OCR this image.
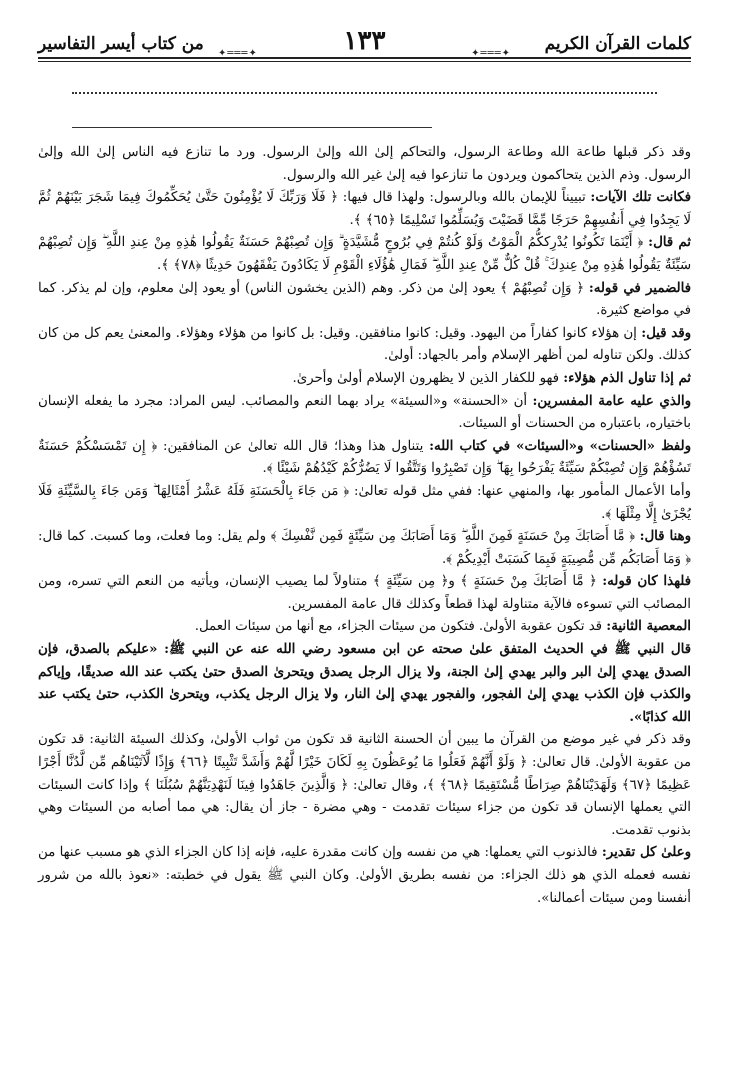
كلمات القرآن الكريم
✦═══✦
١٣٣
✦═══✦
من كتاب أيسر التفاسير

وقد ذكر قبلها طاعة الله وطاعة الرسول، والتحاكم إلىٰ الله وإلىٰ الرسول. ورد ما تنازع فيه الناس إلىٰ الله وإلىٰ الرسول. وذم الذين يتحاكمون ويردون ما تنازعوا فيه إلىٰ غير الله والرسول.

فكانت تلك الآيات: تبييناً للإيمان بالله وبالرسول: ولهذا قال فيها: ﴿ فَلَا وَرَبِّكَ لَا يُؤْمِنُونَ حَتَّىٰ يُحَكِّمُوكَ فِيمَا شَجَرَ بَيْنَهُمْ ثُمَّ لَا يَجِدُوا فِي أَنفُسِهِمْ حَرَجًا مِّمَّا قَضَيْتَ وَيُسَلِّمُوا تَسْلِيمًا ﴿٦٥﴾ ﴾.

ثم قال: ﴿ أَيْنَمَا تَكُونُوا يُدْرِككُّمُ الْمَوْتُ وَلَوْ كُنتُمْ فِي بُرُوجٍ مُّشَيَّدَةٍ ۗ وَإِن تُصِبْهُمْ حَسَنَةٌ يَقُولُوا هَٰذِهِ مِنْ عِندِ اللَّهِ ۖ وَإِن تُصِبْهُمْ سَيِّئَةٌ يَقُولُوا هَٰذِهِ مِنْ عِندِكَ ۚ قُلْ كُلٌّ مِّنْ عِندِ اللَّهِ ۖ فَمَالِ هَٰؤُلَاءِ الْقَوْمِ لَا يَكَادُونَ يَفْقَهُونَ حَدِيثًا ﴿٧٨﴾ ﴾.

فالضمير في قوله: ﴿ وَإِن تُصِبْهُمْ ﴾ يعود إلىٰ من ذكر. وهم (الذين يخشون الناس) أو يعود إلىٰ معلوم، وإن لم يذكر. كما في مواضع كثيرة.

وقد قيل: إن هؤلاء كانوا كفاراً من اليهود. وقيل: كانوا منافقين. وقيل: بل كانوا من هؤلاء وهؤلاء. والمعنىٰ يعم كل من كان كذلك. ولكن تناوله لمن أظهر الإسلام وأمر بالجهاد: أولىٰ.

ثم إذا تناول الذم هؤلاء: فهو للكفار الذين لا يظهرون الإسلام أولىٰ وأحرىٰ.

والذي عليه عامة المفسرين: أن «الحسنة» و«السيئة» يراد بهما النعم والمصائب. ليس المراد: مجرد ما يفعله الإنسان باختياره، باعتباره من الحسنات أو السيئات.

ولفظ «الحسنات» و«السيئات» في كتاب الله: يتناول هذا وهذا؛ قال الله تعالىٰ عن المنافقين: ﴿ إِن تَمْسَسْكُمْ حَسَنَةٌ تَسُؤْهُمْ وَإِن تُصِبْكُمْ سَيِّئَةٌ يَفْرَحُوا بِهَا ۖ وَإِن تَصْبِرُوا وَتَتَّقُوا لَا يَضُرُّكُمْ كَيْدُهُمْ شَيْئًا ﴾.

وأما الأعمال المأمور بها، والمنهي عنها: ففي مثل قوله تعالىٰ: ﴿ مَن جَاءَ بِالْحَسَنَةِ فَلَهُ عَشْرُ أَمْثَالِهَا ۖ وَمَن جَاءَ بِالسَّيِّئَةِ فَلَا يُجْزَىٰ إِلَّا مِثْلَهَا ﴾.

وهنا قال: ﴿ مَّا أَصَابَكَ مِنْ حَسَنَةٍ فَمِنَ اللَّهِ ۖ وَمَا أَصَابَكَ مِن سَيِّئَةٍ فَمِن نَّفْسِكَ ﴾ ولم يقل: وما فعلت، وما كسبت. كما قال: ﴿ وَمَا أَصَابَكُم مِّن مُّصِيبَةٍ فَبِمَا كَسَبَتْ أَيْدِيكُمْ ﴾.

فلهذا كان قوله: ﴿ مَّا أَصَابَكَ مِنْ حَسَنَةٍ ﴾ و﴿ مِن سَيِّئَةٍ ﴾ متناولاً لما يصيب الإنسان، ويأتيه من النعم التي تسره، ومن المصائب التي تسوءه فالآية متناولة لهذا قطعاً وكذلك قال عامة المفسرين.

المعصية الثانية: قد تكون عقوبة الأولىٰ. فتكون من سيئات الجزاء، مع أنها من سيئات العمل.

قال النبي ﷺ في الحديث المتفق علىٰ صحته عن ابن مسعود رضي الله عنه عن النبي ﷺ: «عليكم بالصدق، فإن الصدق يهدي إلىٰ البر والبر يهدي إلىٰ الجنة، ولا يزال الرجل يصدق ويتحرىٰ الصدق حتىٰ يكتب عند الله صديقًا، وإياكم والكذب فإن الكذب يهدي إلىٰ الفجور، والفجور يهدي إلىٰ النار، ولا يزال الرجل يكذب، ويتحرىٰ الكذب، حتىٰ يكتب عند الله كذابًا».

وقد ذكر في غير موضع من القرآن ما يبين أن الحسنة الثانية قد تكون من ثواب الأولىٰ، وكذلك السيئة الثانية: قد تكون من عقوبة الأولىٰ. قال تعالىٰ: ﴿ وَلَوْ أَنَّهُمْ فَعَلُوا مَا يُوعَظُونَ بِهِ لَكَانَ خَيْرًا لَّهُمْ وَأَشَدَّ تَثْبِيتًا ﴿٦٦﴾ وَإِذًا لَّآتَيْنَاهُم مِّن لَّدُنَّا أَجْرًا عَظِيمًا ﴿٦٧﴾ وَلَهَدَيْنَاهُمْ صِرَاطًا مُّسْتَقِيمًا ﴿٦٨﴾ ﴾، وقال تعالىٰ: ﴿ وَالَّذِينَ جَاهَدُوا فِينَا لَنَهْدِيَنَّهُمْ سُبُلَنَا ﴾ وإذا كانت السيئات التي يعملها الإنسان قد تكون من جزاء سيئات تقدمت - وهي مضرة - جاز أن يقال: هي مما أصابه من السيئات وهي بذنوب تقدمت.

وعلىٰ كل تقدير: فالذنوب التي يعملها: هي من نفسه وإن كانت مقدرة عليه، فإنه إذا كان الجزاء الذي هو مسبب عنها من نفسه فعمله الذي هو ذلك الجزاء: من نفسه بطريق الأولىٰ. وكان النبي ﷺ يقول في خطبته: «نعوذ بالله من شرور أنفسنا ومن سيئات أعمالنا».
